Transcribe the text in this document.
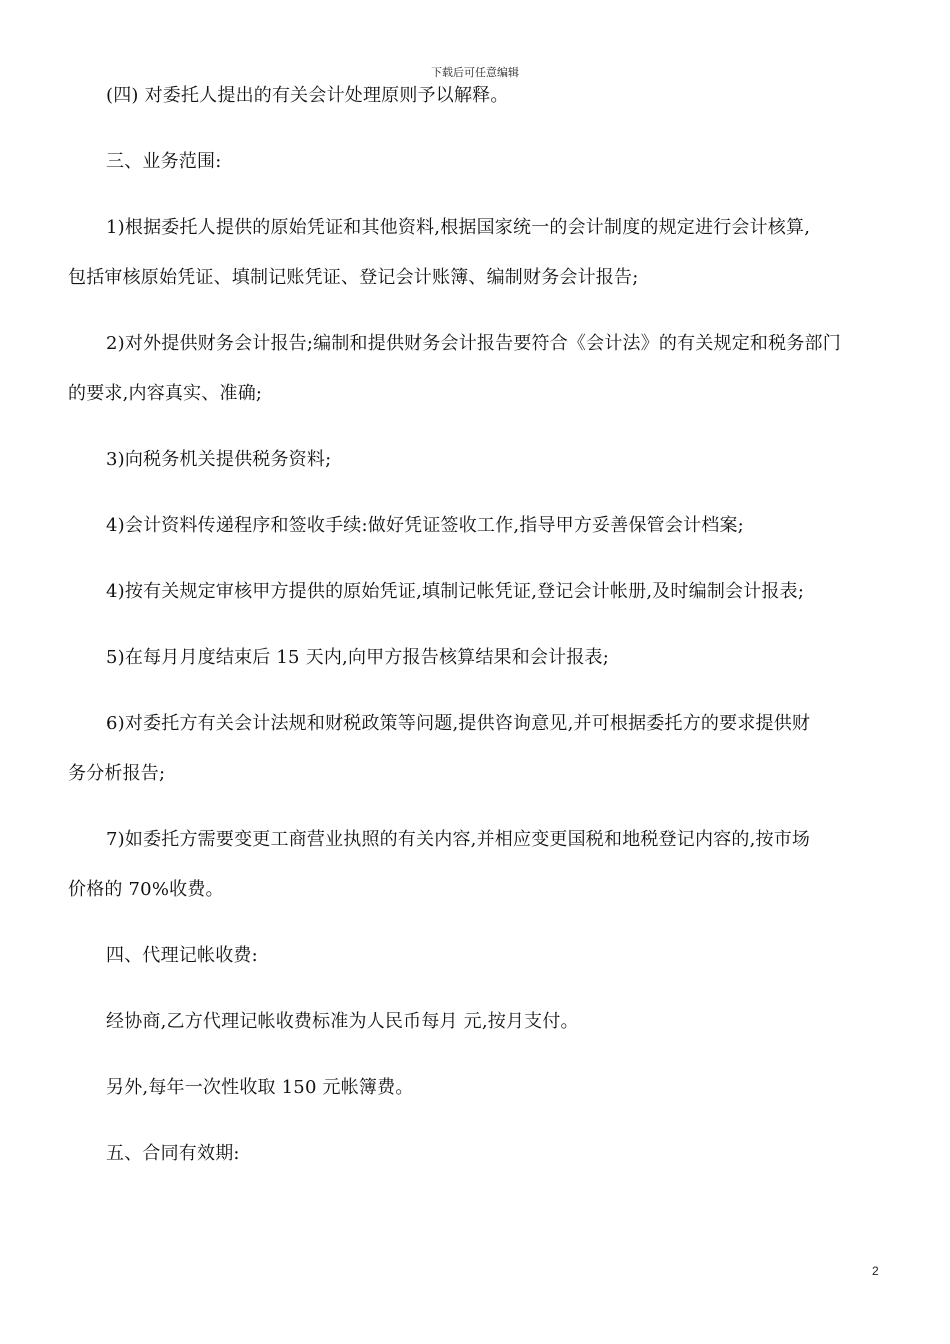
下载后可任意编辑
(四) 对委托人提出的有关会计处理原则予以解释。
三、业务范围:
1)根据委托人提供的原始凭证和其他资料,根据国家统一的会计制度的规定进行会计核算,
包括审核原始凭证、填制记账凭证、登记会计账簿、编制财务会计报告;
2)对外提供财务会计报告;编制和提供财务会计报告要符合《会计法》的有关规定和税务部门
的要求,内容真实、准确;
3)向税务机关提供税务资料;
4)会计资料传递程序和签收手续:做好凭证签收工作,指导甲方妥善保管会计档案;
4)按有关规定审核甲方提供的原始凭证,填制记帐凭证,登记会计帐册,及时编制会计报表;
5)在每月月度结束后 15 天内,向甲方报告核算结果和会计报表;
6)对委托方有关会计法规和财税政策等问题,提供咨询意见,并可根据委托方的要求提供财
务分析报告;
7)如委托方需要变更工商营业执照的有关内容,并相应变更国税和地税登记内容的,按市场
价格的 70%收费。
四、代理记帐收费:
经协商,乙方代理记帐收费标准为人民币每月 元,按月支付。
另外,每年一次性收取 150 元帐簿费。
五、合同有效期:
2
